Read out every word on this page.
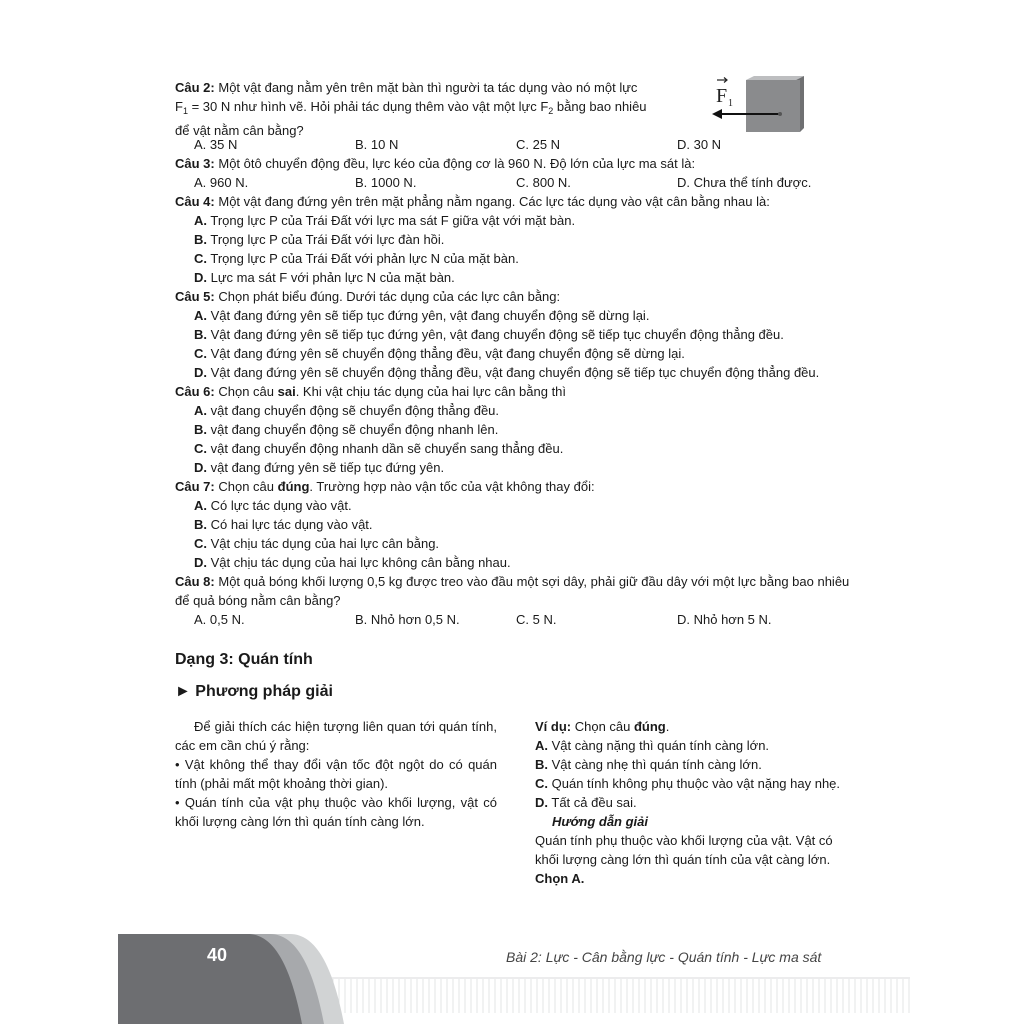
F 1
Câu 2: Một vật đang nằm yên trên mặt bàn thì người ta tác dụng vào nó một lực
$F_1 = 30$ N như hình vẽ. Hỏi phải tác dụng thêm vào vật một lực $F_2$ bằng bao nhiêu
để vật nằm cân bằng?
A. 35 N	B. 10 N	C. 25 N	D. 30 N
Câu 3: Một ôtô chuyển động đều, lực kéo của động cơ là 960 N. Độ lớn của lực ma sát là:
A. 960 N.	B. 1000 N.	C. 800 N.	D. Chưa thể tính được.
Câu 4: Một vật đang đứng yên trên mặt phẳng nằm ngang. Các lực tác dụng vào vật cân bằng nhau là:
A. Trọng lực P của Trái Đất với lực ma sát F giữa vật với mặt bàn.
B. Trọng lực P của Trái Đất với lực đàn hồi.
C. Trọng lực P của Trái Đất với phản lực N của mặt bàn.
D. Lực ma sát F với phản lực N của mặt bàn.
Câu 5: Chọn phát biểu đúng. Dưới tác dụng của các lực cân bằng:
A. Vật đang đứng yên sẽ tiếp tục đứng yên, vật đang chuyển động sẽ dừng lại.
B. Vật đang đứng yên sẽ tiếp tục đứng yên, vật đang chuyển động sẽ tiếp tục chuyển động thẳng đều.
C. Vật đang đứng yên sẽ chuyển động thẳng đều, vật đang chuyển động sẽ dừng lại.
D. Vật đang đứng yên sẽ chuyển động thẳng đều, vật đang chuyển động sẽ tiếp tục chuyển động thẳng đều.
Câu 6: Chọn câu sai. Khi vật chịu tác dụng của hai lực cân bằng thì
A. vật đang chuyển động sẽ chuyển động thẳng đều.
B. vật đang chuyển động sẽ chuyển động nhanh lên.
C. vật đang chuyển động nhanh dần sẽ chuyển sang thẳng đều.
D. vật đang đứng yên sẽ tiếp tục đứng yên.
Câu 7: Chọn câu đúng. Trường hợp nào vận tốc của vật không thay đổi:
A. Có lực tác dụng vào vật.
B. Có hai lực tác dụng vào vật.
C. Vật chịu tác dụng của hai lực cân bằng.
D. Vật chịu tác dụng của hai lực không cân bằng nhau.
Câu 8: Một quả bóng khối lượng 0,5 kg được treo vào đầu một sợi dây, phải giữ đầu dây với một lực bằng bao nhiêu để quả bóng nằm cân bằng?
A. 0,5 N.	B. Nhỏ hơn 0,5 N.	C. 5 N.	D. Nhỏ hơn 5 N.
Dạng 3: Quán tính
► Phương pháp giải
Để giải thích các hiện tượng liên quan tới quán tính, các em cần chú ý rằng:
• Vật không thể thay đổi vận tốc đột ngột do có quán tính (phải mất một khoảng thời gian).
• Quán tính của vật phụ thuộc vào khối lượng, vật có khối lượng càng lớn thì quán tính càng lớn.
Ví dụ: Chọn câu đúng.
A. Vật càng nặng thì quán tính càng lớn.
B. Vật càng nhẹ thì quán tính càng lớn.
C. Quán tính không phụ thuộc vào vật nặng hay nhẹ.
D. Tất cả đều sai.
Hướng dẫn giải
Quán tính phụ thuộc vào khối lượng của vật. Vật có khối lượng càng lớn thì quán tính của vật càng lớn.
Chọn A.
40	Bài 2: Lực - Cân bằng lực - Quán tính - Lực ma sát
